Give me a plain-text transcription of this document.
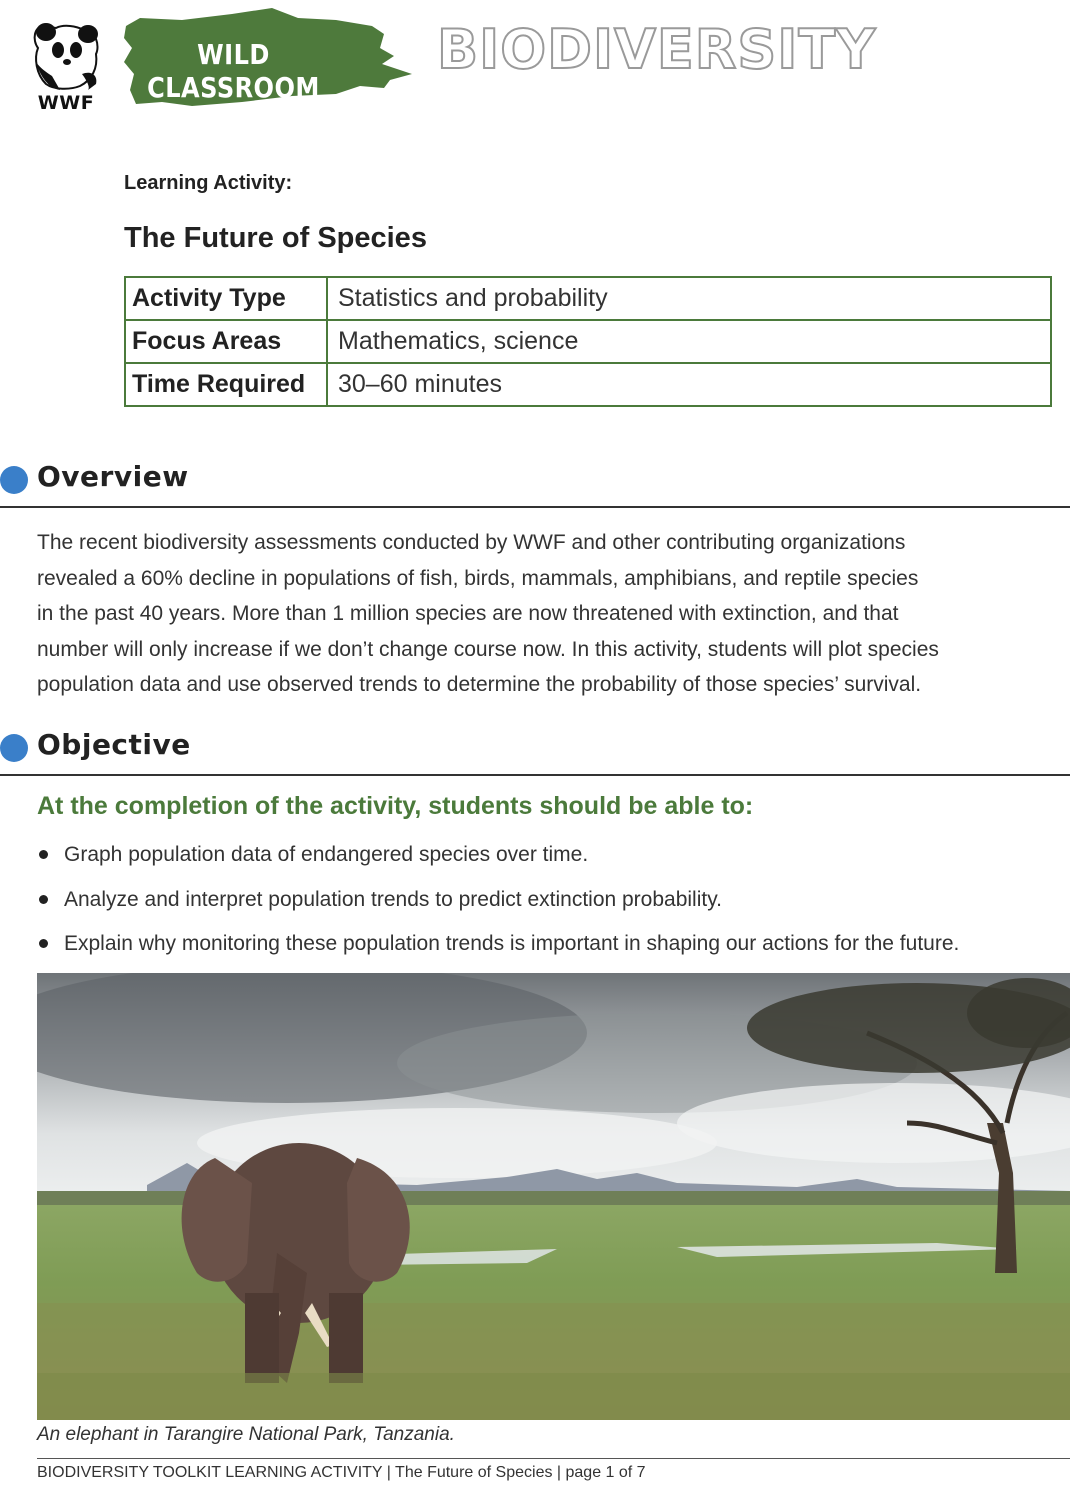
WWF
WILD CLASSROOM
BIODIVERSITY
Learning Activity:
The Future of Species
Activity Type	Statistics and probability
Focus Areas	Mathematics, science
Time Required	30–60 minutes
Overview
The recent biodiversity assessments conducted by WWF and other contributing organizations
revealed a 60% decline in populations of fish, birds, mammals, amphibians, and reptile species
in the past 40 years. More than 1 million species are now threatened with extinction, and that
number will only increase if we don’t change course now. In this activity, students will plot species
population data and use observed trends to determine the probability of those species’ survival.
Objective
At the completion of the activity, students should be able to:
Graph population data of endangered species over time.
Analyze and interpret population trends to predict extinction probability.
Explain why monitoring these population trends is important in shaping our actions for the future.
An elephant in Tarangire National Park, Tanzania.
BIODIVERSITY TOOLKIT LEARNING ACTIVITY | The Future of Species | page 1 of 7
